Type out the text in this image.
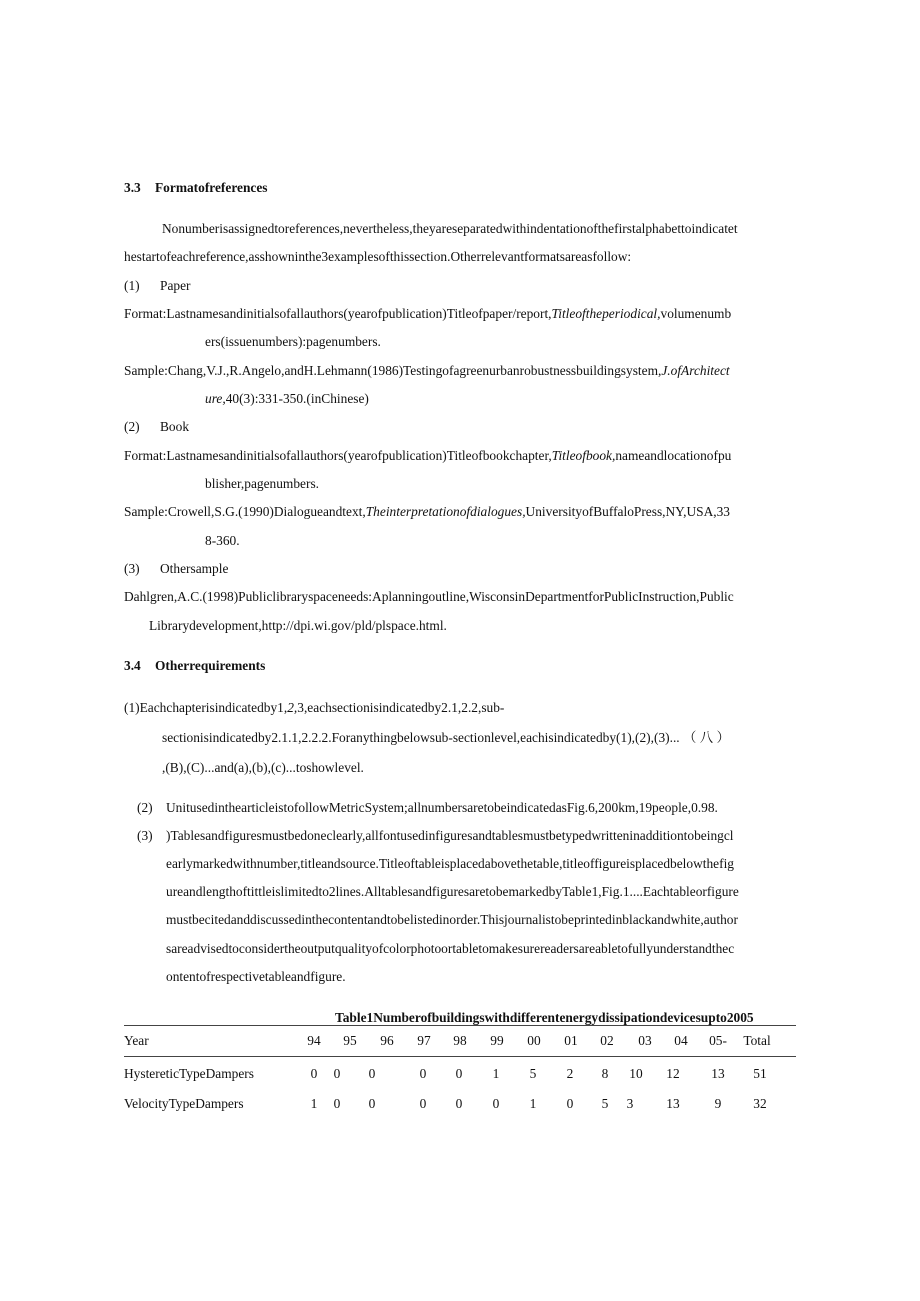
3.3 Formatofreferences
Nonumberisassignedtoreferences,nevertheless,theyareseparatedwithindentationofthefirstalphabettoindicatet
hestartofeachreference,asshowninthe3examplesofthissection.Otherrelevantformatsareasfollow:
(1) Paper
Format:Lastnamesandinitialsofallauthors(yearofpublication)Titleofpaper/report,Titleoftheperiodical,volumenumb
ers(issuenumbers):pagenumbers.
Sample:Chang,V.J.,R.Angelo,andH.Lehmann(1986)Testingofagreenurbanrobustnessbuildingsystem,J.ofArchitect
ure,40(3):331-350.(inChinese)
(2) Book
Format:Lastnamesandinitialsofallauthors(yearofpublication)Titleofbookchapter,Titleofbook,nameandlocationofpu
blisher,pagenumbers.
Sample:Crowell,S.G.(1990)Dialogueandtext,Theinterpretationofdialogues,UniversityofBuffaloPress,NY,USA,33
8-360.
(3) Othersample
Dahlgren,A.C.(1998)Publiclibraryspaceneeds:Aplanningoutline,WisconsinDepartmentforPublicInstruction,Public
Librarydevelopment,http://dpi.wi.gov/pld/plspace.html.
3.4 Otherrequirements
(1)Eachchapterisindicatedby1,2,3,eachsectionisindicatedby2.1,2.2,sub-
sectionisindicatedby2.1.1,2.2.2.Foranythingbelowsub-sectionlevel,eachisindicatedby(1),(2),(3)... （ 八 ）
,(B),(C)...and(a),(b),(c)...toshowlevel.
(2) UnitusedinthearticleistofollowMetricSystem;allnumbersaretobeindicatedasFig.6,200km,19people,0.98.
(3) )Tablesandfiguresmustbedoneclearly,allfontusedinfiguresandtablesmustbetypedwritteninadditiontobeingcl
earlymarkedwithnumber,titleandsource.Titleoftableisplacedabovethetable,titleoffigureisplacedbelowthefig
ureandlengthoftittleislimitedto2lines.AlltablesandfiguresaretobemarkedbyTable1,Fig.1....Eachtableorfigure
mustbecitedanddiscussedinthecontentandtobelistedinorder.Thisjournalistobeprintedinblackandwhite,author
sareadvisedtoconsidertheoutputqualityofcolorphotoortabletomakesurereadersareabletofullyunderstandthec
ontentofrespectivetableandfigure.
Table1Numberofbuildingswithdifferentenergydissipationdevicesupto2005
Year	94 95 96 97 98 99 00 01 02 03 04 05- Total
HystereticTypeDampers	0 0 0	0 0 1 5 2 8 10 12 13 51
VelocityTypeDampers	1 0 0	0 0 0 1 0 5 3 13	9 32
